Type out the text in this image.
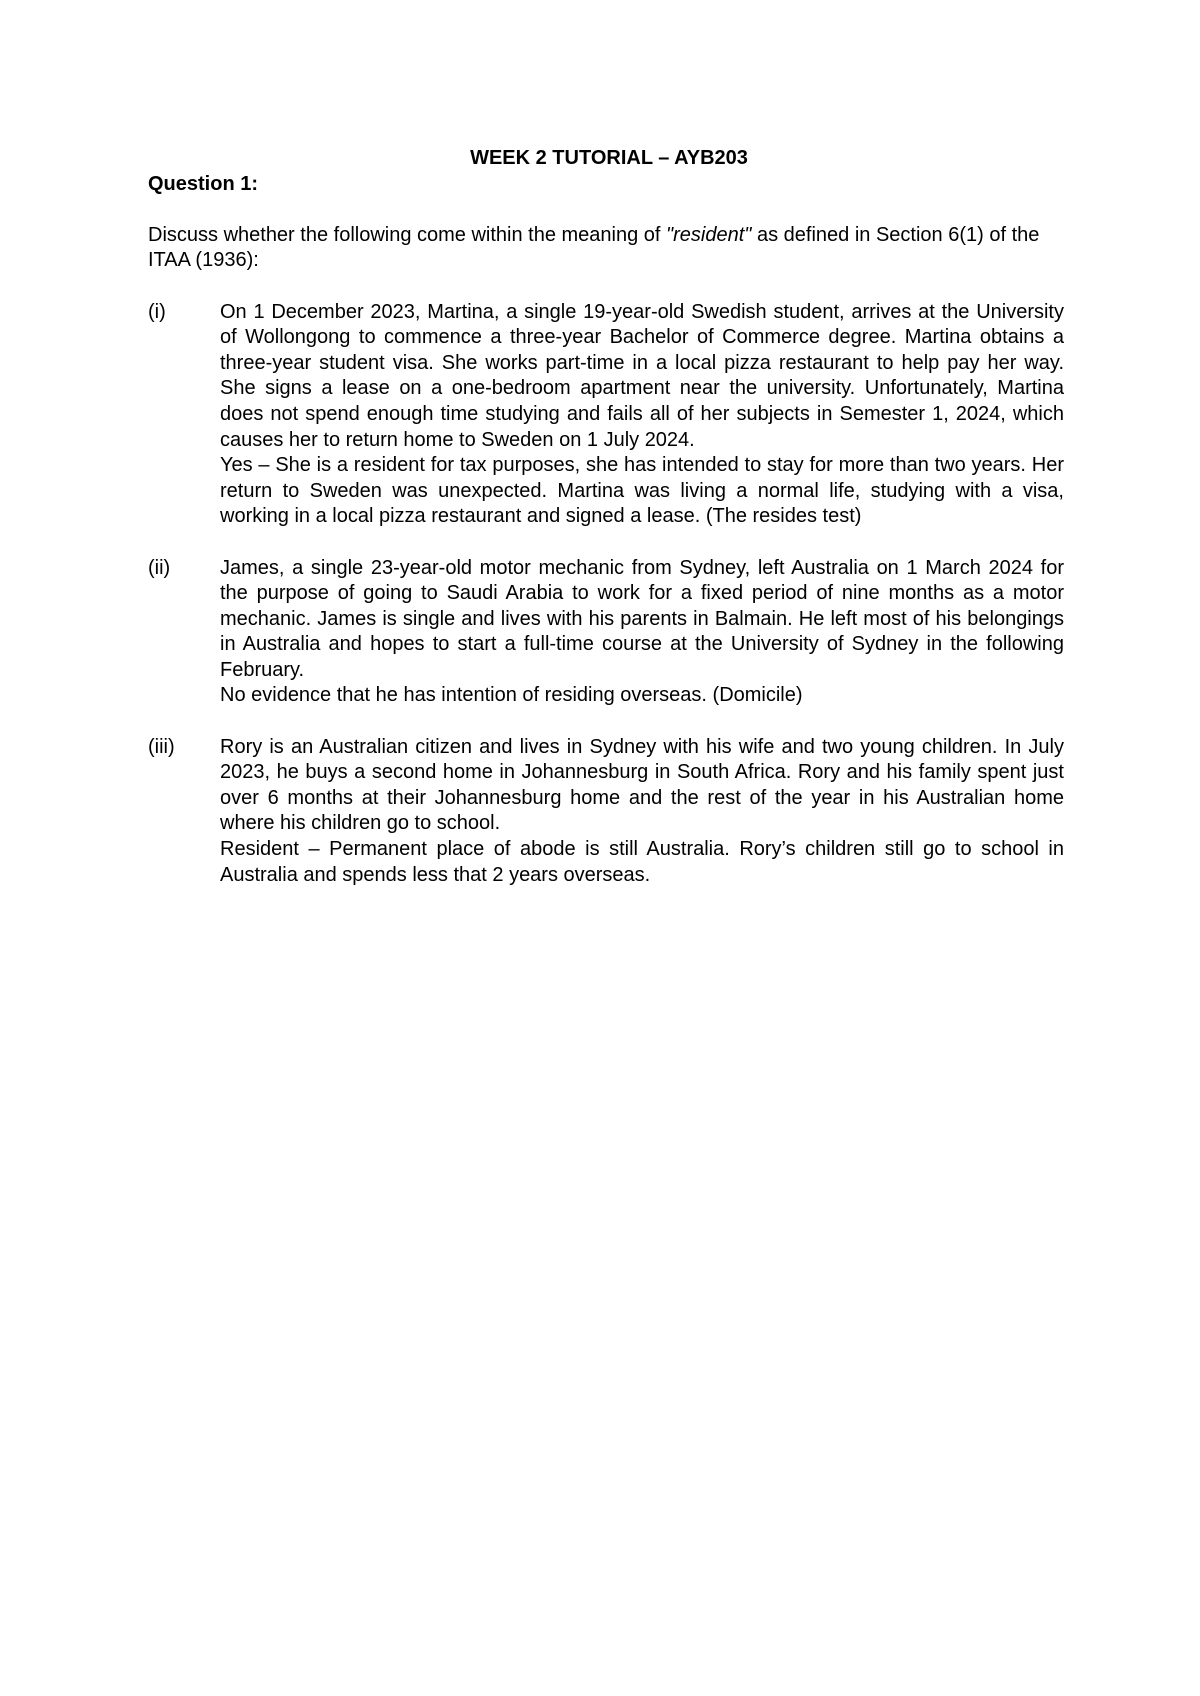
WEEK 2 TUTORIAL – AYB203

Question 1:

Discuss whether the following come within the meaning of "resident" as defined in Section 6(1) of the ITAA (1936):

(i)	On 1 December 2023, Martina, a single 19-year-old Swedish student, arrives at the University of Wollongong to commence a three-year Bachelor of Commerce degree. Martina obtains a three-year student visa. She works part-time in a local pizza restaurant to help pay her way. She signs a lease on a one-bedroom apartment near the university. Unfortunately, Martina does not spend enough time studying and fails all of her subjects in Semester 1, 2024, which causes her to return home to Sweden on 1 July 2024.

Yes – She is a resident for tax purposes, she has intended to stay for more than two years. Her return to Sweden was unexpected. Martina was living a normal life, studying with a visa, working in a local pizza restaurant and signed a lease. (The resides test)

(ii)	James, a single 23-year-old motor mechanic from Sydney, left Australia on 1 March 2024 for the purpose of going to Saudi Arabia to work for a fixed period of nine months as a motor mechanic. James is single and lives with his parents in Balmain. He left most of his belongings in Australia and hopes to start a full-time course at the University of Sydney in the following February.

No evidence that he has intention of residing overseas. (Domicile)

(iii)	Rory is an Australian citizen and lives in Sydney with his wife and two young children. In July 2023, he buys a second home in Johannesburg in South Africa. Rory and his family spent just over 6 months at their Johannesburg home and the rest of the year in his Australian home where his children go to school.

Resident – Permanent place of abode is still Australia. Rory’s children still go to school in Australia and spends less that 2 years overseas.
